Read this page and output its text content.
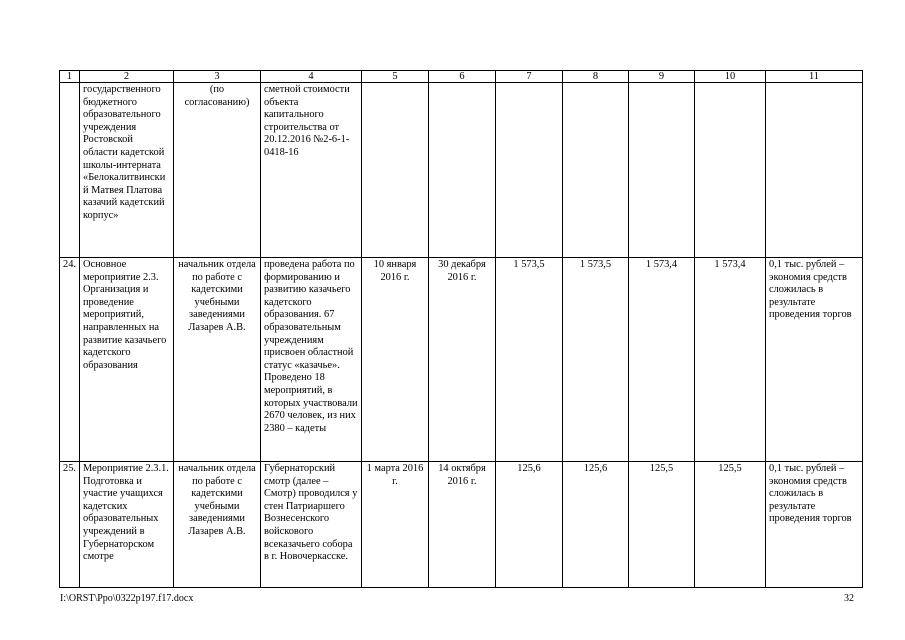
1	2	3	4	5	6	7	8	9	10	11
	государственного бюджетного образовательного учреждения Ростовской области кадетской школы-интерната «Белокалитвинский Матвея Платова казачий кадетский корпус»	(по согласованию)	сметной стоимости объекта капитального строительства от 20.12.2016 №2-6-1-0418-16							
24.	Основное мероприятие 2.3. Организация и проведение мероприятий, направленных на развитие казачьего кадетского образования	начальник отдела по работе с кадетскими учебными заведениями Лазарев А.В.	проведена работа по формированию и развитию казачьего кадетского образования. 67 образовательным учреждениям присвоен областной статус «казачье». Проведено 18 мероприятий, в которых участвовали 2670 человек, из них 2380 – кадеты	10 января 2016 г.	30 декабря 2016 г.	1 573,5	1 573,5	1 573,4	1 573,4	0,1 тыс. рублей – экономия средств сложилась в результате проведения торгов
25.	Мероприятие 2.3.1. Подготовка и участие учащихся кадетских образовательных учреждений в Губернаторском смотре	начальник отдела по работе с кадетскими учебными заведениями Лазарев А.В.	Губернаторский смотр (далее – Смотр) проводился у стен Патриаршего Вознесенского войскового всеказачьего собора в г. Новочеркасске.	1 марта 2016 г.	14 октября 2016 г.	125,6	125,6	125,5	125,5	0,1 тыс. рублей – экономия средств сложилась в результате проведения торгов
I:\ORST\Ppo\0322p197.f17.docx	32
